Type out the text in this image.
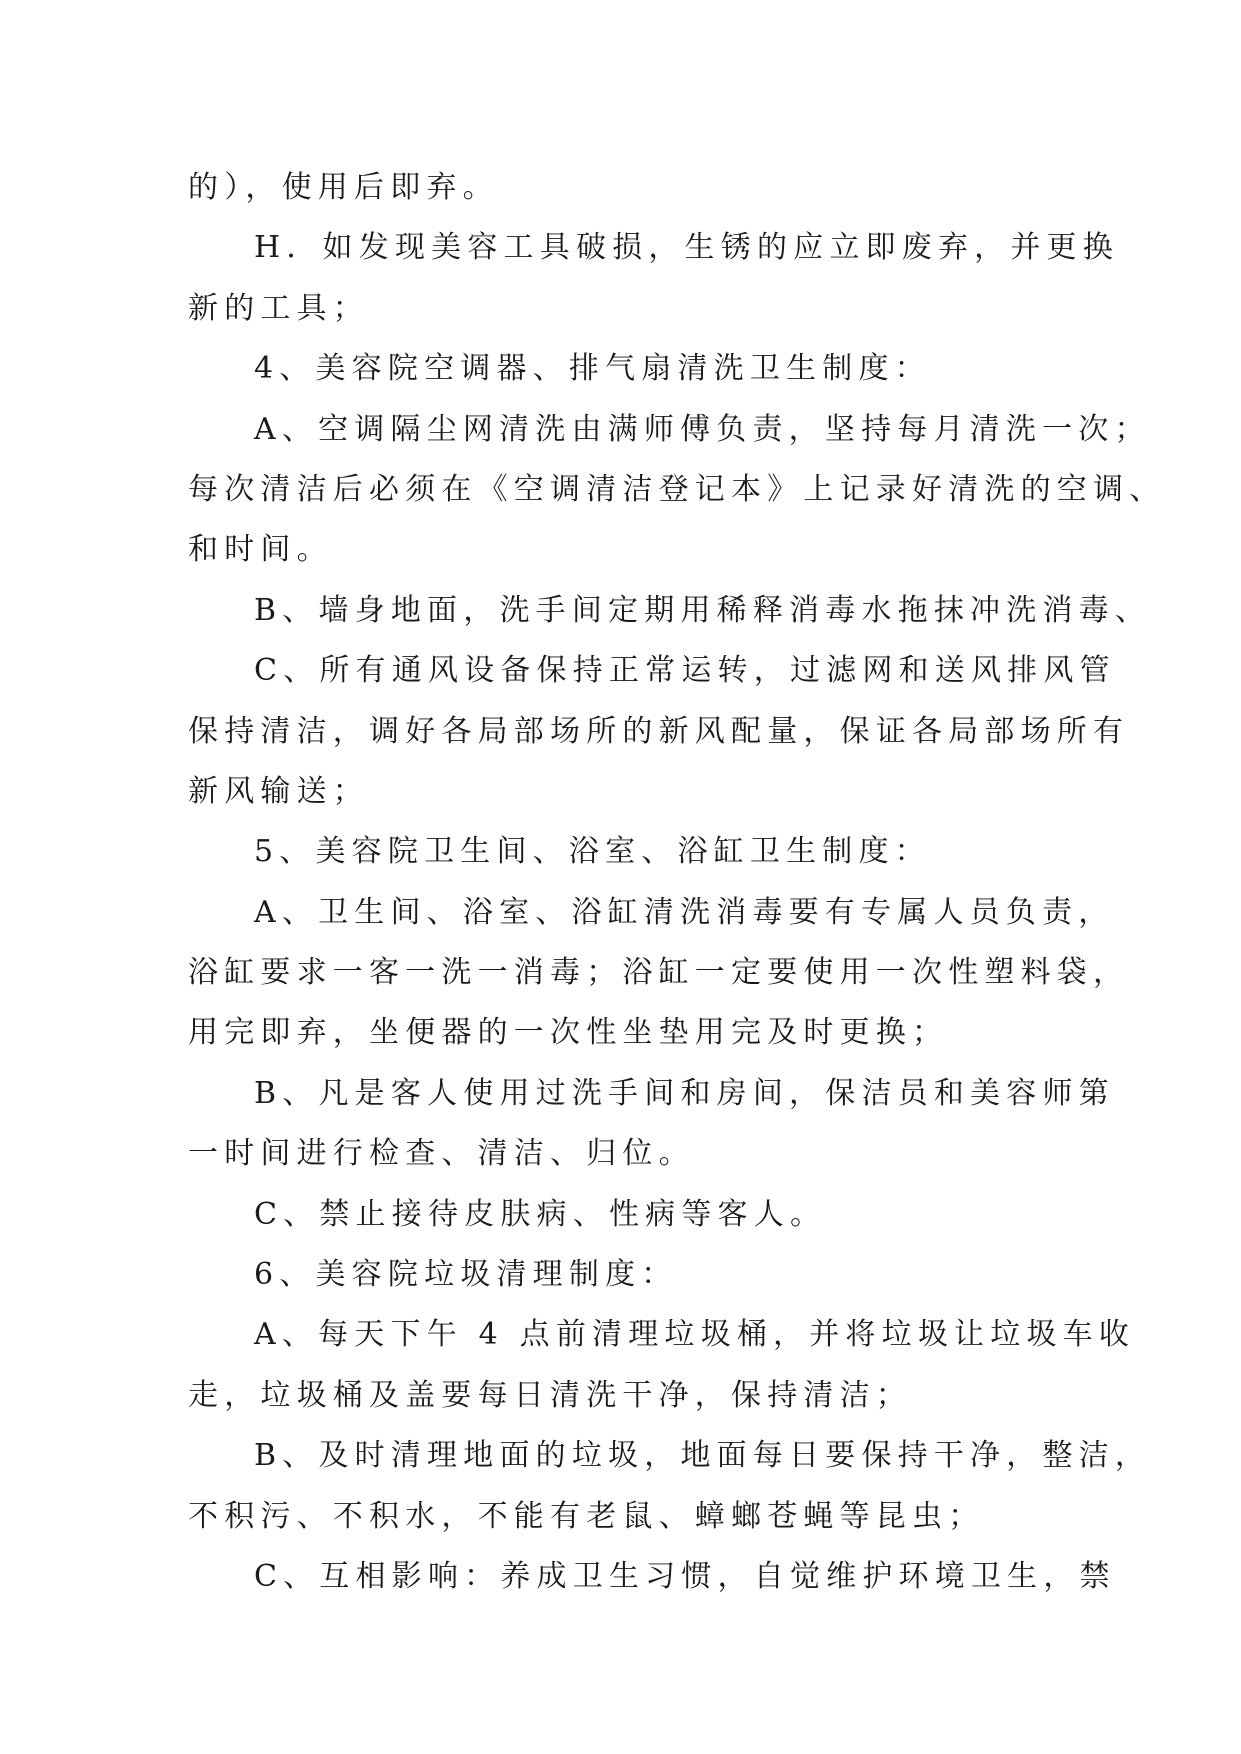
的），使用后即弃。
H．如发现美容工具破损，生锈的应立即废弃，并更换
新的工具；
4、美容院空调器、排气扇清洗卫生制度：
A、空调隔尘网清洗由满师傅负责，坚持每月清洗一次；
每次清洁后必须在《空调清洁登记本》上记录好清洗的空调、
和时间。
B、墙身地面，洗手间定期用稀释消毒水拖抹冲洗消毒、
C、所有通风设备保持正常运转，过滤网和送风排风管
保持清洁，调好各局部场所的新风配量，保证各局部场所有
新风输送；
5、美容院卫生间、浴室、浴缸卫生制度：
A、卫生间、浴室、浴缸清洗消毒要有专属人员负责，
浴缸要求一客一洗一消毒；浴缸一定要使用一次性塑料袋，
用完即弃，坐便器的一次性坐垫用完及时更换；
B、凡是客人使用过洗手间和房间，保洁员和美容师第
一时间进行检查、清洁、归位。
C、禁止接待皮肤病、性病等客人。
6、美容院垃圾清理制度：
A、每天下午 4 点前清理垃圾桶，并将垃圾让垃圾车收
走，垃圾桶及盖要每日清洗干净，保持清洁；
B、及时清理地面的垃圾，地面每日要保持干净，整洁，
不积污、不积水，不能有老鼠、蟑螂苍蝇等昆虫；
C、互相影响：养成卫生习惯，自觉维护环境卫生，禁
